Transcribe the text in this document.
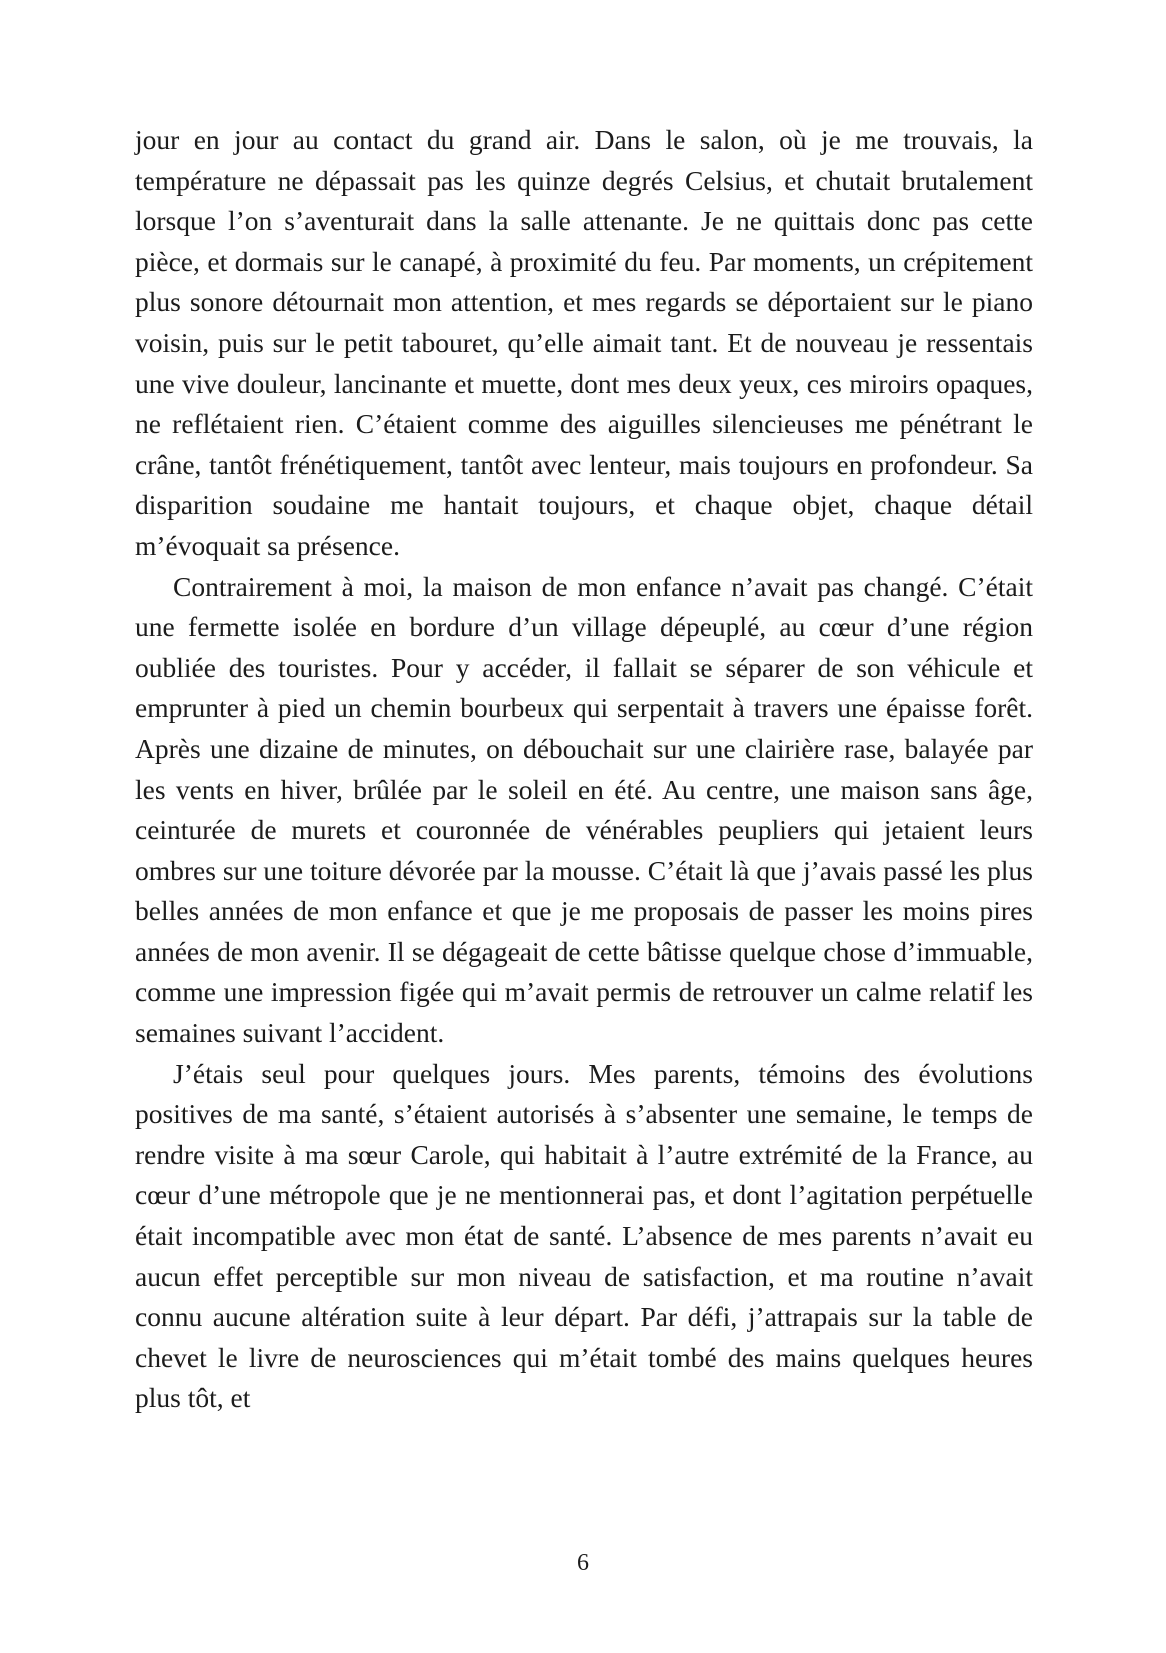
jour en jour au contact du grand air. Dans le salon, où je me trouvais, la température ne dépassait pas les quinze degrés Celsius, et chutait brutalement lorsque l’on s’aventurait dans la salle attenante. Je ne quittais donc pas cette pièce, et dormais sur le canapé, à proximité du feu. Par moments, un crépitement plus sonore détournait mon attention, et mes regards se déportaient sur le piano voisin, puis sur le petit tabouret, qu’elle aimait tant. Et de nouveau je ressentais une vive douleur, lancinante et muette, dont mes deux yeux, ces miroirs opaques, ne reflétaient rien. C’étaient comme des aiguilles silencieuses me pénétrant le crâne, tantôt frénétiquement, tantôt avec lenteur, mais toujours en profondeur. Sa disparition soudaine me hantait toujours, et chaque objet, chaque détail m’évoquait sa présence.

Contrairement à moi, la maison de mon enfance n’avait pas changé. C’était une fermette isolée en bordure d’un village dépeuplé, au cœur d’une région oubliée des touristes. Pour y accéder, il fallait se séparer de son véhicule et emprunter à pied un chemin bourbeux qui serpentait à travers une épaisse forêt. Après une dizaine de minutes, on débouchait sur une clairière rase, balayée par les vents en hiver, brûlée par le soleil en été. Au centre, une maison sans âge, ceinturée de murets et couronnée de vénérables peupliers qui jetaient leurs ombres sur une toiture dévorée par la mousse. C’était là que j’avais passé les plus belles années de mon enfance et que je me proposais de passer les moins pires années de mon avenir. Il se dégageait de cette bâtisse quelque chose d’immuable, comme une impression figée qui m’avait permis de retrouver un calme relatif les semaines suivant l’accident.

J’étais seul pour quelques jours. Mes parents, témoins des évolutions positives de ma santé, s’étaient autorisés à s’absenter une semaine, le temps de rendre visite à ma sœur Carole, qui habitait à l’autre extrémité de la France, au cœur d’une métropole que je ne mentionnerai pas, et dont l’agitation perpétuelle était incompatible avec mon état de santé. L’absence de mes parents n’avait eu aucun effet perceptible sur mon niveau de satisfaction, et ma routine n’avait connu aucune altération suite à leur départ. Par défi, j’attrapais sur la table de chevet le livre de neurosciences qui m’était tombé des mains quelques heures plus tôt, et

6
